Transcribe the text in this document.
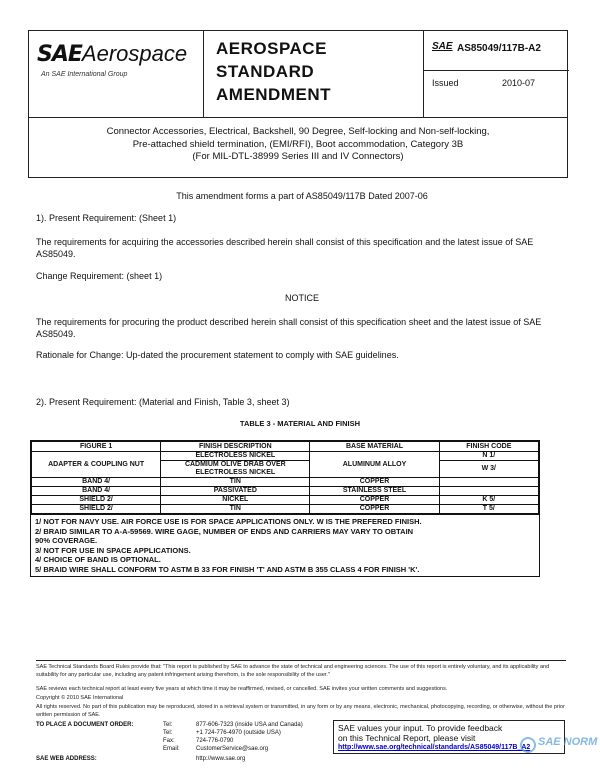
SAEAerospace
An SAE International Group
AEROSPACE
STANDARD
AMENDMENT
SAE AS85049/117B-A2
Issued	2010-07
Connector Accessories, Electrical, Backshell, 90 Degree, Self-locking and Non-self-locking,
Pre-attached shield termination, (EMI/RFI), Boot accommodation, Category 3B
(For MIL-DTL-38999 Series III and IV Connectors)
This amendment forms a part of AS85049/117B Dated 2007-06
1). Present Requirement: (Sheet 1)
The requirements for acquiring the accessories described herein shall consist of this specification and the latest issue of SAE AS85049.
Change Requirement: (sheet 1)
NOTICE
The requirements for procuring the product described herein shall consist of this specification sheet and the latest issue of SAE AS85049.
Rationale for Change: Up-dated the procurement statement to comply with SAE guidelines.
2). Present Requirement: (Material and Finish, Table 3, sheet 3)
TABLE 3 - MATERIAL AND FINISH
FIGURE 1	FINISH DESCRIPTION	BASE MATERIAL	FINISH CODE
ADAPTER & COUPLING NUT	ELECTROLESS NICKEL	ALUMINUM ALLOY	N 1/
	CADMIUM OLIVE DRAB OVER ELECTROLESS NICKEL		W 3/
BAND 4/	TIN	COPPER	
BAND 4/	PASSIVATED	STAINLESS STEEL	
SHIELD 2/	NICKEL	COPPER	K 5/
SHIELD 2/	TIN	COPPER	T 5/
1/ NOT FOR NAVY USE. AIR FORCE USE IS FOR SPACE APPLICATIONS ONLY. W IS THE PREFERED FINISH.
2/ BRAID SIMILAR TO A-A-59569. WIRE GAGE, NUMBER OF ENDS AND CARRIERS MAY VARY TO OBTAIN
90% COVERAGE.
3/ NOT FOR USE IN SPACE APPLICATIONS.
4/ CHOICE OF BAND IS OPTIONAL.
5/ BRAID WIRE SHALL CONFORM TO ASTM B 33 FOR FINISH 'T' AND ASTM B 355 CLASS 4 FOR FINISH 'K'.
SAE Technical Standards Board Rules provide that: "This report is published by SAE to advance the state of technical and engineering sciences. The use of this report is entirely voluntary, and its applicability and suitability for any particular use, including any patent infringement arising therefrom, is the sole responsibility of the user."
SAE reviews each technical report at least every five years at which time it may be reaffirmed, revised, or cancelled. SAE invites your written comments and suggestions.
Copyright © 2010 SAE International
All rights reserved. No part of this publication may be reproduced, stored in a retrieval system or transmitted, in any form or by any means, electronic, mechanical, photocopying, recording, or otherwise, without the prior written permission of SAE.
TO PLACE A DOCUMENT ORDER:	Tel:	877-606-7323 (inside USA and Canada)
Tel:	+1 724-776-4970 (outside USA)
Fax:	724-776-0790
Email:	CustomerService@sae.org
SAE WEB ADDRESS:	http://www.sae.org
SAE values your input. To provide feedback
on this Technical Report, please visit
http://www.sae.org/technical/standards/AS85049/117B_A2 SAE NORM
